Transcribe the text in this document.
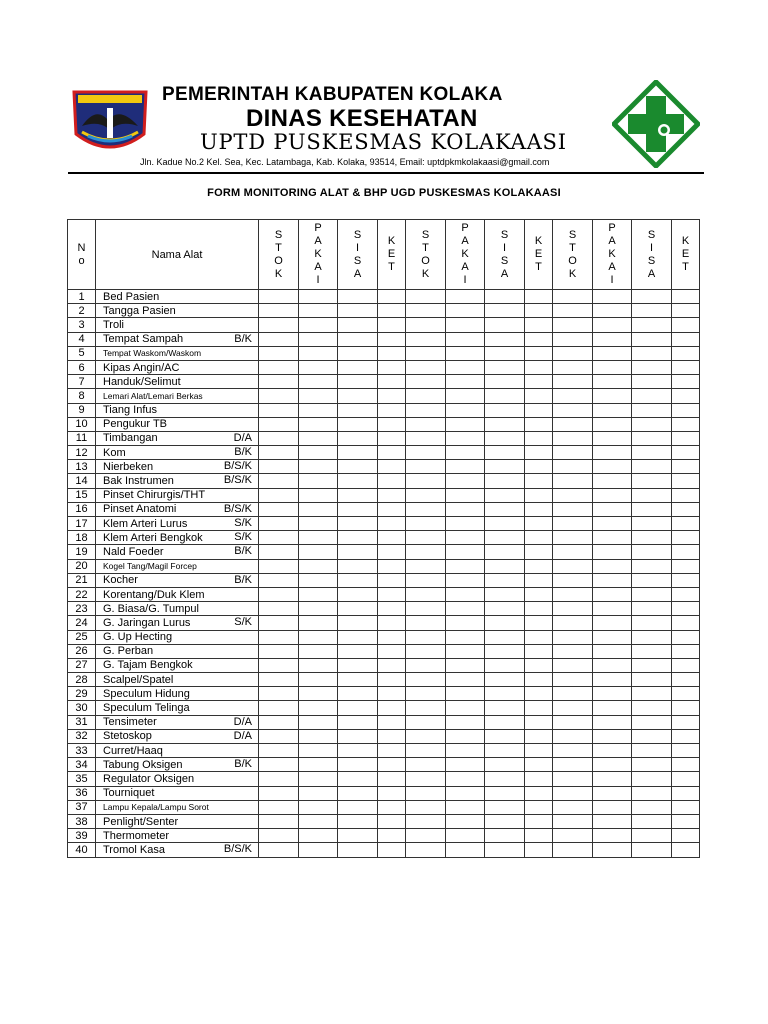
PEMERINTAH KABUPATEN KOLAKA
DINAS KESEHATAN
UPTD PUSKESMAS KOLAKAASI
Jln. Kadue No.2 Kel. Sea, Kec. Latambaga, Kab. Kolaka, 93514, Email: uptdpkmkolakaasi@gmail.com
FORM MONITORING ALAT & BHP UGD PUSKESMAS KOLAKAASI
No	Nama Alat	STOK	PAKAI	SISA	KET	STOK	PAKAI	SISA	KET	STOK	PAKAI	SISA	KET
1	Bed Pasien												
2	Tangga Pasien												
3	Troli												
4	Tempat Sampah B/K												

5	Tempat Waskom/Waskom												
6	Kipas Angin/AC												
7	Handuk/Selimut												
8	Lemari Alat/Lemari Berkas												
9	Tiang Infus												
10	Pengukur TB												
11	Timbangan D/A												

12	Kom B/K												

13	Nierbeken B/S/K												

14	Bak Instrumen B/S/K												

15	Pinset Chirurgis/THT												
16	Pinset Anatomi B/S/K												

17	Klem Arteri Lurus S/K												

18	Klem Arteri Bengkok S/K												

19	Nald Foeder B/K												

20	Kogel Tang/Magil Forcep												
21	Kocher B/K												

22	Korentang/Duk Klem												
23	G. Biasa/G. Tumpul												
24	G. Jaringan Lurus S/K												

25	G. Up Hecting												
26	G. Perban												
27	G. Tajam Bengkok												
28	Scalpel/Spatel												
29	Speculum Hidung												
30	Speculum Telinga												
31	Tensimeter D/A												

32	Stetoskop D/A												

33	Curret/Haaq												
34	Tabung Oksigen B/K												

35	Regulator Oksigen												
36	Tourniquet												
37	Lampu Kepala/Lampu Sorot												
38	Penlight/Senter												
39	Thermometer												
40	Tromol Kasa B/S/K												
